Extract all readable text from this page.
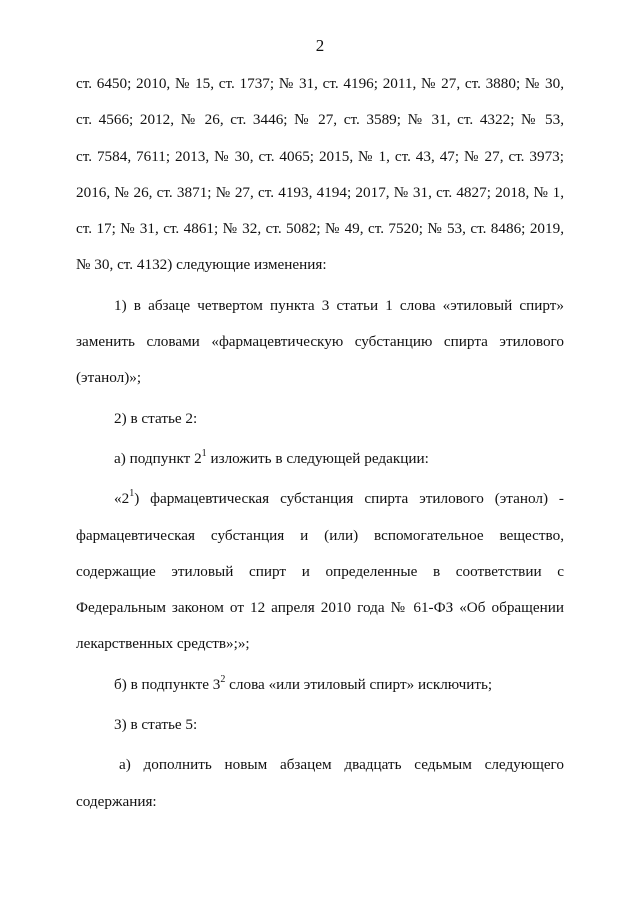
2

ст. 6450; 2010, № 15, ст. 1737; № 31, ст. 4196; 2011, № 27, ст. 3880; № 30,

ст. 4566; 2012, № 26, ст. 3446; № 27, ст. 3589; № 31, ст. 4322; № 53,

ст. 7584, 7611; 2013, № 30, ст. 4065; 2015, № 1, ст. 43, 47; № 27, ст. 3973;

2016, № 26, ст. 3871; № 27, ст. 4193, 4194; 2017, № 31, ст. 4827; 2018, № 1,

ст. 17; № 31, ст. 4861; № 32, ст. 5082; № 49, ст. 7520; № 53, ст. 8486; 2019,

№ 30, ст. 4132) следующие изменения:

1) в абзаце четвертом пункта 3 статьи 1 слова «этиловый спирт» заменить словами «фармацевтическую субстанцию спирта этилового (этанол)»;

2) в статье 2:

а) подпункт $2^1$ изложить в следующей редакции:

«$2^1$) фармацевтическая субстанция спирта этилового (этанол) - фармацевтическая субстанция и (или) вспомогательное вещество, содержащие этиловый спирт и определенные в соответствии с Федеральным законом от 12 апреля 2010 года № 61-ФЗ «Об обращении лекарственных средств»;»;

б) в подпункте $3^2$ слова «или этиловый спирт» исключить;

3) в статье 5:

а) дополнить новым абзацем двадцать седьмым следующего содержания:
